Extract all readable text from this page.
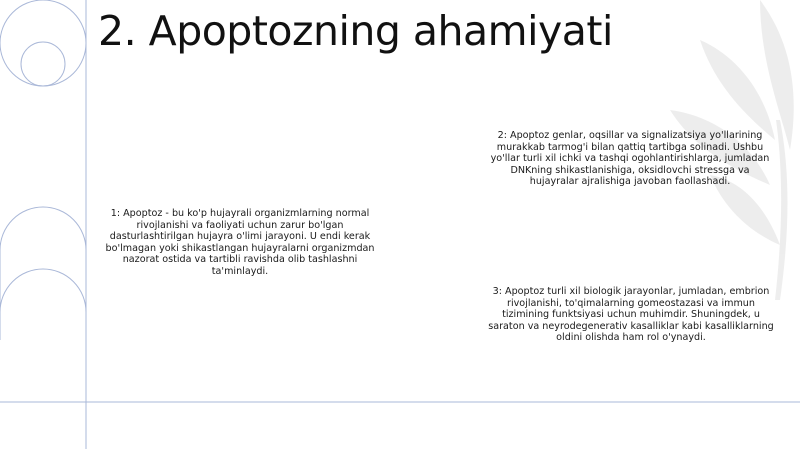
2. Apoptozning ahamiyati

1: Apoptoz - bu ko'p hujayrali organizmlarning normal rivojlanishi va faoliyati uchun zarur bo'lgan dasturlashtirilgan hujayra o'limi jarayoni. U endi kerak bo'lmagan yoki shikastlangan hujayralarni organizmdan nazorat ostida va tartibli ravishda olib tashlashni ta'minlaydi.

2: Apoptoz genlar, oqsillar va signalizatsiya yo'llarining murakkab tarmog'i bilan qattiq tartibga solinadi. Ushbu yo'llar turli xil ichki va tashqi ogohlantirishlarga, jumladan DNKning shikastlanishiga, oksidlovchi stressga va hujayralar ajralishiga javoban faollashadi.

3: Apoptoz turli xil biologik jarayonlar, jumladan, embrion rivojlanishi, to'qimalarning gomeostazasi va immun tizimining funktsiyasi uchun muhimdir. Shuningdek, u saraton va neyrodegenerativ kasalliklar kabi kasalliklarning oldini olishda ham rol o'ynaydi.
